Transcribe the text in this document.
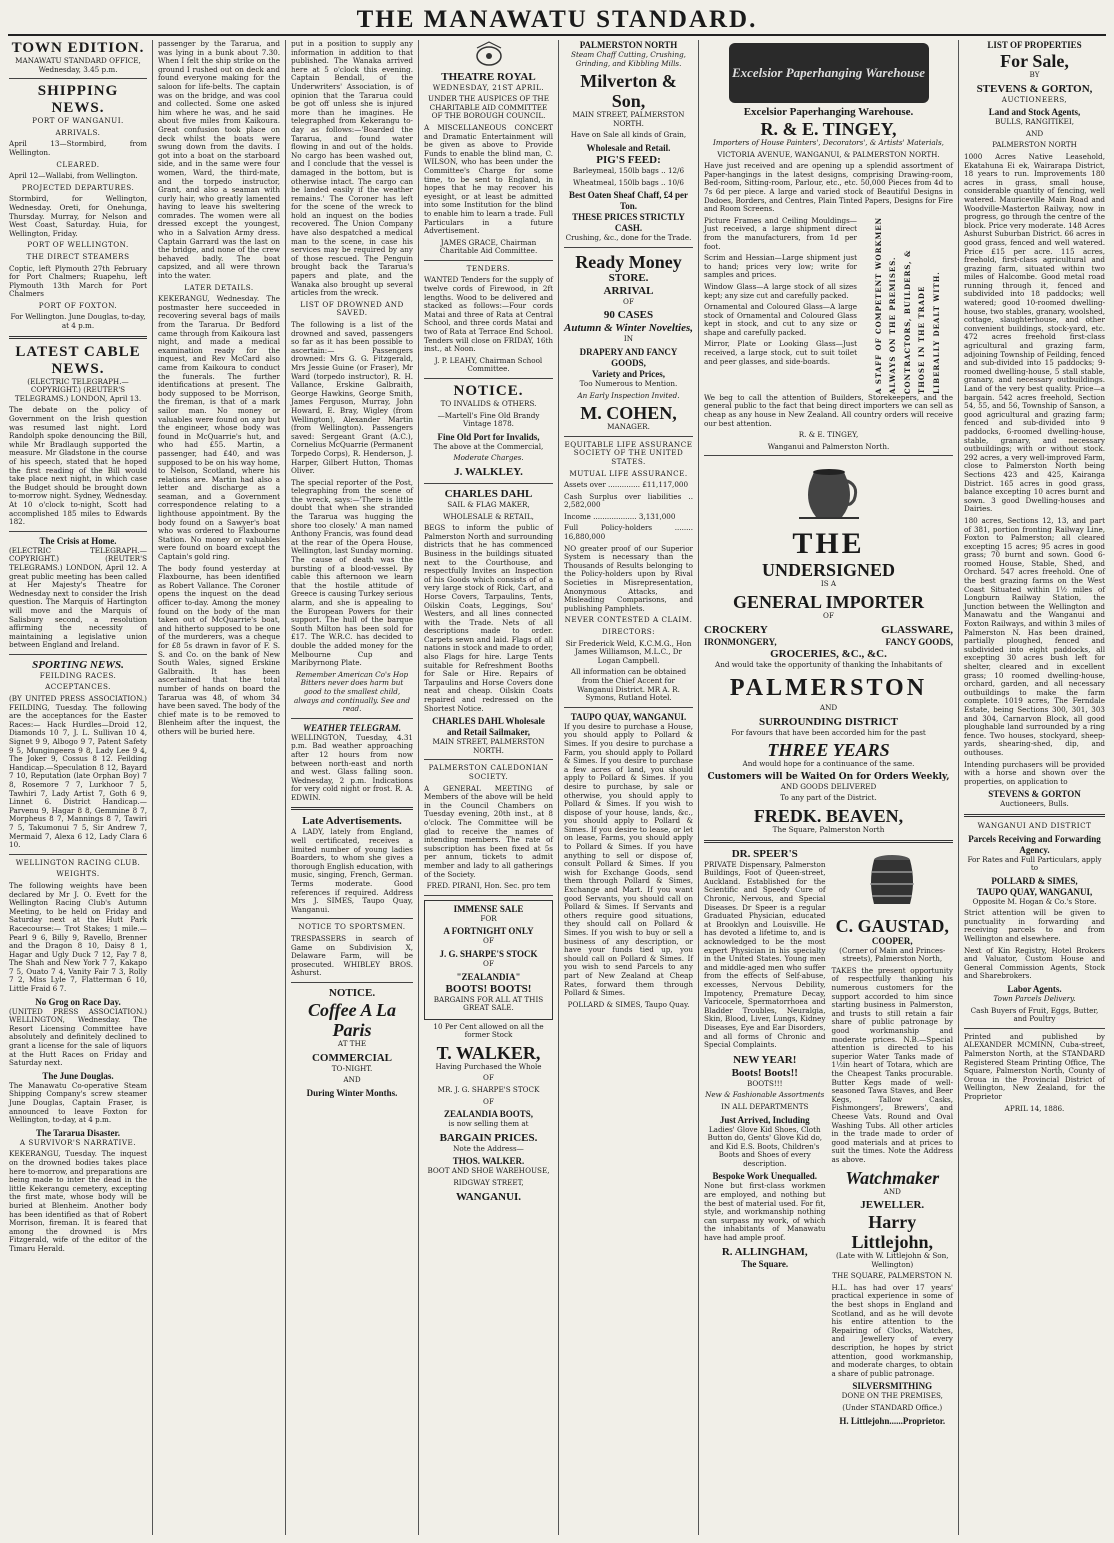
THE MANAWATU STANDARD.
TOWN EDITION.

MANAWATU STANDARD OFFICE, Wednesday, 3.45 p.m.

SHIPPING NEWS.

PORT OF WANGANUI.

ARRIVALS.

April 13—Stormbird, from Wellington.

CLEARED.

April 12—Wallabi, from Wellington.

PROJECTED DEPARTURES.

Stormbird, for Wellington, Wednesday. Oreti, for Onehunga, Thursday. Murray, for Nelson and West Coast, Saturday. Huia, for Wellington, Friday.

PORT OF WELLINGTON.

THE DIRECT STEAMERS

Coptic, left Plymouth 27th February for Port Chalmers; Ruapehu, left Plymouth 13th March for Port Chalmers

PORT OF FOXTON.

For Wellington. June Douglas, to-day, at 4 p.m.

LATEST CABLE NEWS.

(ELECTRIC TELEGRAPH.—COPYRIGHT.) (REUTER'S TELEGRAMS.) LONDON, April 13.

The debate on the policy of Government on the Irish question was resumed last night. Lord Randolph spoke denouncing the Bill, while Mr Bradlaugh supported the measure. Mr Gladstone in the course of his speech, stated that he hoped the first reading of the Bill would take place next night, in which case the Budget should be brought down to-morrow night. Sydney, Wednesday. At 10 o'clock to-night, Scott had accomplished 185 miles to Edwards 182.

The Crisis at Home.

(ELECTRIC TELEGRAPH.—COPYRIGHT.) (REUTER'S TELEGRAMS.) LONDON, April 12. A great public meeting has been called at Her Majesty's Theatre for Wednesday next to consider the Irish question. The Marquis of Hartington will move and the Marquis of Salisbury second, a resolution affirming the necessity of maintaining a legislative union between England and Ireland.

SPORTING NEWS.

FEILDING RACES.

ACCEPTANCES.

(BY UNITED PRESS ASSOCIATION.) FEILDING, Tuesday. The following are the acceptances for the Easter Races:— Hack Hurdles—Droid 12, Diamonds 10 7, J. L. Sullivan 10 4, Signet 9 9, Albogo 9 7, Patent Safety 9 5, Mungingeera 9 8, Lady Lee 9 4, The Joker 9, Cossus 8 12. Feilding Handicap.—Speculation 8 12, Bayard 7 10, Reputation (late Orphan Boy) 7 8, Rosemore 7 7, Lurkhoor 7 5, Tawhiri 7, Lady Artist 7, Goth 6 9, Linnet 6. District Handicap.—Parvenu 9, Hagar 8 8, Gemmine 8 7, Morpheus 8 7, Mannings 8 7, Tawiri 7 5, Takumonui 7 5, Sir Andrew 7, Mermaid 7, Alexa 6 12, Lady Clara 6 10.

WELLINGTON RACING CLUB.

WEIGHTS.

The following weights have been declared by Mr J. O. Evett for the Wellington Racing Club's Autumn Meeting, to be held on Friday and Saturday next at the Hutt Park Racecourse:— Trot Stakes; 1 mile.—Pearl 9 6, Billy 9, Ravello, Brenner and the Dragon 8 10, Daisy 8 1, Hagar and Ugly Duck 7 12, Fay 7 8, The Shah and New York 7 7, Kakapo 7 5, Ouato 7 4, Vanity Fair 7 3, Rolly 7 2, Miss Lyle 7, Flatterman 6 10, Little Fraid 6 7.

No Grog on Race Day.

(UNITED PRESS ASSOCIATION.) WELLINGTON, Wednesday. The Resort Licensing Committee have absolutely and definitely declined to grant a license for the sale of liquors at the Hutt Races on Friday and Saturday next.

The June Douglas.

The Manawatu Co-operative Steam Shipping Company's screw steamer June Douglas, Captain Fraser, is announced to leave Foxton for Wellington, to-day, at 4 p.m.

The Tararua Disaster.

A SURVIVOR'S NARRATIVE.

KEKERANGU, Tuesday. The inquest on the drowned bodies takes place here to-morrow, and preparations are being made to inter the dead in the little Kekerangu cemetery, excepting the first mate, whose body will be buried at Blenheim. Another body has been identified as that of Robert Morrison, fireman. It is feared that among the drowned is Mrs Fitzgerald, wife of the editor of the Timaru Herald.

passenger by the Tararua, and was lying in a bunk about 7.30. When I felt the ship strike on the ground I rushed out on deck and found everyone making for the saloon for life-belts. The captain was on the bridge, and was cool and collected. Some one asked him where he was, and he said about five miles from Kaikoura. Great confusion took place on deck whilst the boats were swung down from the davits. I got into a boat on the starboard side, and in the same were four women, Ward, the third-mate, and the torpedo instructor, Grant, and also a seaman with curly hair, who greatly lamented having to leave his sweltering comrades. The women were all dressed except the youngest, who in a Salvation Army dress. Captain Garrard was the last on the bridge, and none of the crew behaved badly. The boat capsized, and all were thrown into the water.

LATER DETAILS.

KEKERANGU, Wednesday. The postmaster here succeeded in recovering several bags of mails from the Tararua. Dr Bedford came through from Kaikoura last night, and made a medical examination ready for the inquest, and Rev McCard also came from Kaikoura to conduct the funerals. The further identifications at present. The body supposed to be Morrison, the fireman, is that of a mark sailor man. No money or valuables were found on any but the engineer, whose body was found in McQuarrie's hut, and who had £55. Martin, a passenger, had £40, and was supposed to be on his way home, to Nelson, Scotland, where his relations are. Martin had also a letter and discharge as a seaman, and a Government correspondence relating to a lighthouse appointment. By the body found on a Sawyer's boat who was ordered to Flaxbourne Station. No money or valuables were found on board except the Captain's gold ring.

The body found yesterday at Flaxbourne, has been identified as Robert Vallance. The Coroner opens the inquest on the dead officer to-day. Among the money found on the body of the man taken out of McQuarrie's boat, and hitherto supposed to be one of the murderers, was a cheque for £8 5s drawn in favor of F. S. S. and Co. on the bank of New South Wales, signed Erskine Galbraith. It has been ascertained that the total number of hands on board the Tararua was 48, of whom 34 have been saved. The body of the chief mate is to be removed to Blenheim after the inquest, the others will be buried here.

put in a position to supply any information in addition to that published. The Wanaka arrived here at 5 o'clock this evening. Captain Bendall, of the Underwriters' Association, is of opinion that the Tararua could be got off unless she is injured more than he imagines. He telegraphed from Kekerangu to-day as follows:—'Boarded the Tararua, and found water flowing in and out of the holds. No cargo has been washed out, and I conclude that the vessel is damaged in the bottom, but is otherwise intact. The cargo can be landed easily if the weather remains.' The Coroner has left for the scene of the wreck to hold an inquest on the bodies recovered. The Union Company have also despatched a medical man to the scene, in case his services may be required by any of those rescued. The Penguin brought back the Tararua's papers and plate, and the Wanaka also brought up several articles from the wreck.

LIST OF DROWNED AND SAVED.

The following is a list of the drowned and saved, passengers so far as it has been possible to ascertain:— Passengers drowned: Mrs G. G. Fitzgerald, Mrs Jessie Guine (or Fraser), Mr Ward (torpedo instructor), R. H. Vallance, Erskine Galbraith, George Hawkins, George Smith, James Ferguson, Murray, John Howard, E. Bray, Wigley (from Wellington), Alexander Martin (from Wellington). Passengers saved: Sergeant Grant (A.C.), Cornelius McQuarrie (Permanent Torpedo Corps), R. Henderson, J. Harper, Gilbert Hutton, Thomas Oliver.

The special reporter of the Post, telegraphing from the scene of the wreck, says:—'There is little doubt that when she stranded the Tararua was hugging the shore too closely.' A man named Anthony Francis, was found dead at the rear of the Opera House, Wellington, last Sunday morning. The cause of death was the bursting of a blood-vessel. By cable this afternoon we learn that the hostile attitude of Greece is causing Turkey serious alarm, and she is appealing to the European Powers for their support. The hull of the barque South Milton has been sold for £17. The W.R.C. has decided to double the added money for the Melbourne Cup and Maribyrnong Plate.

Remember American Co's Hop Bitters never does harm but good to the smallest child, always and continually. See and read.

WEATHER TELEGRAM.

WELLINGTON, Tuesday, 4.31 p.m. Bad weather approaching after 12 hours from now between north-east and north and west. Glass falling soon. Wednesday, 2 p.m. Indications for very cold night or frost. R. A. EDWIN.

Late Advertisements.

A LADY, lately from England, well certificated, receives a limited number of young ladies Boarders, to whom she gives a thorough English education, with music, singing, French, German. Terms moderate. Good references if required. Address Mrs J. SIMES, Taupo Quay, Wanganui.

NOTICE TO SPORTSMEN.

TRESPASSERS in search of Game on Subdivision X, Delaware Farm, will be prosecuted. WHIBLEY BROS. Ashurst.

NOTICE.
Coffee A La Paris

AT THE

COMMERCIAL

TO-NIGHT.

AND

During Winter Months.
THEATRE ROYAL

WEDNESDAY, 21ST APRIL.

UNDER THE AUSPICES OF THE CHARITABLE AID COMMITTEE OF THE BOROUGH COUNCIL.

A MISCELLANEOUS CONCERT and Dramatic Entertainment will be given as above to Provide Funds to enable the blind man, C. WILSON, who has been under the Committee's Charge for some time, to be sent to England, in hopes that he may recover his eyesight, or at least be admitted into some Institution for the blind to enable him to learn a trade. Full Particulars in a future Advertisement.

JAMES GRACE, Chairman Charitable Aid Committee.

TENDERS.

WANTED Tenders for the supply of twelve cords of Firewood, in 2ft lengths. Wood to be delivered and stacked as follows:—Four cords Matai and three of Rata at Central School, and three cords Matai and two of Rata at Terrace End School. Tenders will close on FRIDAY, 16th inst., at Noon.

J. P. LEAHY, Chairman School Committee.

NOTICE.

TO INVALIDS & OTHERS.

—Martell's Fine Old Brandy Vintage 1878.

Fine Old Port for Invalids,

The above at the Commercial,

Moderate Charges.

J. WALKLEY.
CHARLES DAHL

SAIL & FLAG MAKER,

WHOLESALE & RETAIL,

BEGS to inform the public of Palmerston North and surrounding districts that he has commenced Business in the buildings situated next to the Courthouse, and respectfully Invites an Inspection of his Goods which consists of of a very large stock of Rick, Cart, and Horse Covers, Tarpaulins, Tents, Oilskin Coats, Leggings, Sou' Westers, and all lines connected with the Trade. Nets of all descriptions made to order. Carpets sewn and laid. Flags of all nations in stock and made to order, also Flags for hire. Large Tents suitable for Refreshment Booths for Sale or Hire. Repairs of Tarpaulins and Horse Covers done neat and cheap. Oilskin Coats repaired and redressed on the Shortest Notice.

CHARLES DAHL Wholesale and Retail Sailmaker,

MAIN STREET, PALMERSTON NORTH.

PALMERSTON CALEDONIAN SOCIETY.

A GENERAL MEETING of Members of the above will be held in the Council Chambers on Tuesday evening, 20th inst., at 8 o'clock. The Committee will be glad to receive the names of intending members. The rate of subscription has been fixed at 5s per annum, tickets to admit member and lady to all gatherings of the Society.

FRED. PIRANI, Hon. Sec. pro tem

IMMENSE SALE

FOR

A FORTNIGHT ONLY

OF

J. G. SHARPE'S STOCK

OF

"ZEALANDIA"
BOOTS! BOOTS!

BARGAINS FOR ALL AT THIS GREAT SALE.

10 Per Cent allowed on all the former Stock

T. WALKER,

Having Purchased the Whole

OF

MR. J. G. SHARPE'S STOCK

OF

ZEALANDIA BOOTS,

is now selling them at

BARGAIN PRICES.

Note the Address—

THOS. WALKER.

BOOT AND SHOE WAREHOUSE,

RIDGWAY STREET,

WANGANUI.
PALMERSTON NORTH

Steam Chaff Cutting, Crushing, Grinding, and Kibbling Mills.

Milverton & Son,

MAIN STREET, PALMERSTON NORTH.

Have on Sale all kinds of Grain,

Wholesale and Retail.
PIG'S FEED:

Barleymeal, 150lb bags .. 12/6

Wheatmeal, 150lb bags .. 10/6

Best Oaten Sheaf Chaff, £4 per Ton.
THESE PRICES STRICTLY CASH.

Crushing, &c., done for the Trade.

Ready Money
STORE.
ARRIVAL

OF

90 CASES
Autumn & Winter Novelties,

IN

DRAPERY AND FANCY GOODS,
Variety and Prices,

Too Numerous to Mention.

An Early Inspection Invited.

M. COHEN,

MANAGER.

EQUITABLE LIFE ASSURANCE SOCIETY OF THE UNITED STATES.

MUTUAL LIFE ASSURANCE.

Assets over .............. £11,117,000

Cash Surplus over liabilities .. 2,582,000

Income ................... 3,131,000

Full Policy-holders ........ 16,880,000

NO greater proof of our Superior System is necessary than the Thousands of Results belonging to the Policy-holders upon by Rival Societies in Misrepresentation, Anonymous Attacks, and Misleading Comparisons, and publishing Pamphlets.

NEVER CONTESTED A CLAIM.

DIRECTORS:

Sir Frederick Weld, K.C.M.G., Hon James Williamson, M.L.C., Dr Logan Campbell.

All information can be obtained from the Chief Accent for Wanganui District. MR A. R. Symons, Rutland Hotel.

TAUPO QUAY, WANGANUI.

If you desire to purchase a House, you should apply to Pollard & Simes. If you desire to purchase a Farm, you should apply to Pollard & Simes. If you desire to purchase a few acres of land, you should apply to Pollard & Simes. If you desire to purchase, by sale or otherwise, you should apply to Pollard & Simes. If you wish to dispose of your house, lands, &c., you should apply to Pollard & Simes. If you desire to lease, or let on lease, Farms, you should apply to Pollard & Simes. If you have anything to sell or dispose of, consult Pollard & Simes. If you wish for Exchange Goods, send them through Pollard & Simes, Exchange and Mart. If you want good Servants, you should call on Pollard & Simes. If Servants and others require good situations, they should call on Pollard & Simes. If you wish to buy or sell a business of any description, or have your funds tied up, you should call on Pollard & Simes. If you wish to send Parcels to any part of New Zealand at Cheap Rates, forward them through Pollard & Simes.

POLLARD & SIMES, Taupo Quay.

Excelsior Paperhanging Warehouse
Excelsior Paperhanging Warehouse.
R. & E. TINGEY,

Importers of House Painters', Decorators', & Artists' Materials,

VICTORIA AVENUE, WANGANUI, & PALMERSTON NORTH.

Have just received and are opening up a splendid assortment of Paper-hangings in the latest designs, comprising Drawing-room, Bed-room, Sitting-room, Parlour, etc., etc. 50,000 Pieces from 4d to 7s 6d per piece. A large and varied stock of Beautiful Designs in Dadoes, Borders, and Centres, Plain Tinted Papers, Designs for Fire and Room Screens.

Picture Frames and Ceiling Mouldings—Just received, a large shipment direct from the manufacturers, from 1d per foot.

Scrim and Hessian—Large shipment just to hand; prices very low; write for samples and prices.

Window Glass—A large stock of all sizes kept; any size cut and carefully packed.

Ornamental and Coloured Glass—A large stock of Ornamental and Coloured Glass kept in stock, and cut to any size or shape and carefully packed.

Mirror, Plate or Looking Glass—Just received, a large stock, cut to suit toilet and peer glasses, and side-boards.	A STAFF OF COMPETENT WORKMEN ALWAYS ON THE PREMISES. CONTRACTORS, BUILDERS, & THOSE IN THE TRADE LIBERALLY DEALT WITH.

We beg to call the attention of Builders, Storekeepers, and the general public to the fact that being direct importers we can sell as cheap as any house in New Zealand. All country orders will receive our best attention.

R. & E. TINGEY,

Wanganui and Palmerston North.

THE
UNDERSIGNED

IS A

GENERAL IMPORTER

OF

CROCKERY	GLASSWARE,
IRONMONGERY,	FANCY GOODS,
GROCERIES, &C., &C.

And would take the opportunity of thanking the Inhabitants of

PALMERSTON

AND

SURROUNDING DISTRICT

For favours that have been accorded him for the past

THREE YEARS

And would hope for a continuance of the same.

Customers will be Waited On for Orders Weekly,

AND GOODS DELIVERED

To any part of the District.

FREDK. BEAVEN,

The Square, Palmerston North

DR. SPEER'S

PRIVATE Dispensary, Palmerston Buildings, Foot of Queen-street, Auckland. Established for the Scientific and Speedy Cure of Chronic, Nervous, and Special Diseases. Dr Speer is a regular Graduated Physician, educated at Brooklyn and Louisville. He has devoted a lifetime to, and is acknowledged to be the most expert Physician in his specialty in the United States. Young men and middle-aged men who suffer from the effects of Self-abuse, excesses, Nervous Debility, Impotency, Premature Decay, Varicocele, Spermatorrhoea and Bladder Troubles, Neuralgia, Skin, Blood, Liver, Lungs, Kidney Diseases, Eye and Ear Disorders, and all forms of Chronic and Special Complaints.

NEW YEAR!
Boots! Boots!!

BOOTS!!!

New & Fashionable Assortments

IN ALL DEPARTMENTS

Just Arrived, Including

Ladies' Glove Kid Shoes, Cloth Button do, Gents' Glove Kid do, and Kid E.S. Boots, Children's Boots and Shoes of every description.

Bespoke Work Unequalled.

None but first-class workmen are employed, and nothing but the best of material used. For fit, style, and workmanship nothing can surpass my work, of which the inhabitants of Manawatu have had ample proof.

R. ALLINGHAM,
The Square.
C. GAUSTAD,
COOPER,

(Corner of Main and Princes-streets), Palmerston North,

TAKES the present opportunity of respectfully thanking his numerous customers for the support accorded to him since starting business in Palmerston, and trusts to still retain a fair share of public patronage by good workmanship and moderate prices. N.B.—Special attention is directed to his superior Water Tanks made of 1½in heart of Totara, which are the Cheapest Tanks procurable. Butter Kegs made of well-seasoned Tawa Staves, and Beer Kegs, Tallow Casks, Fishmongers', Brewers', and Cheese Vats. Round and Oval Washing Tubs. All other articles in the trade made to order of good materials and at prices to suit the times. Note the Address as above.

Watchmaker

AND

JEWELLER.
Harry Littlejohn,

(Late with W. Littlejohn & Son, Wellington)

THE SQUARE, PALMERSTON N.

H.L. has had over 17 years' practical experience in some of the best shops in England and Scotland, and as he will devote his entire attention to the Repairing of Clocks, Watches, and Jewellery of every description, he hopes by strict attention, good workmanship, and moderate charges, to obtain a share of public patronage.

SILVERSMITHING

DONE ON THE PREMISES,

(Under STANDARD Office.)

H. Littlejohn......Proprietor.
LIST OF PROPERTIES
For Sale,

BY

STEVENS & GORTON,

AUCTIONEERS,

Land and Stock Agents,

BULLS, RANGITIKEI,

AND

PALMERSTON NORTH

1000 Acres Native Leasehold, Ekatahuna Ei ek, Wairarapa District, 18 years to run. Improvements 180 acres in grass, small house, considerable quantity of fencing, well watered. Mauriceville Main Road and Woodville-Masterton Railway, now in progress, go through the centre of the block. Price very moderate. 148 Acres Ashurst Suburban District. 66 acres in good grass, fenced and well watered. Price £15 per acre. 115 acres, freehold, first-class agricultural and grazing farm, situated within two miles of Halcombe. Good metal road running through it, fenced and subdivided into 18 paddocks; well watered; good 10-roomed dwelling-house, two stables, granary, woolshed, cottage, slaughterhouse, and other convenient buildings, stock-yard, etc. 472 acres freehold first-class agricultural and grazing farm, adjoining Township of Feilding, fenced and sub-divided into 15 paddocks; 9-roomed dwelling-house, 5 stall stable, granary, and necessary outbuildings. Land of the very best quality. Price—a bargain. 542 acres freehold, Section 54, 55, and 56, Township of Sanson, a good agricultural and grazing farm; fenced and sub-divided into 9 paddocks, 6-roomed dwelling-house, stable, granary, and necessary outbuildings; with or without stock. 292 acres, a very well-improved Farm, close to Palmerston North being Sections 423 and 425, Kairanga District. 165 acres in good grass, balance excepting 10 acres burnt and sown. 3 good Dwelling-houses and Dairies.

180 acres, Sections 12, 13, and part of 381, portion fronting Railway Line, Foxton to Palmerston; all cleared excepting 15 acres; 95 acres in good grass; 70 burnt and sown. Good 6-roomed House, Stable, Shed, and Orchard. 547 acres freehold. One of the best grazing farms on the West Coast Situated within 1½ miles of Longburn Railway Station, the Junction between the Wellington and Manawatu and the Wanganui and Foxton Railways, and within 3 miles of Palmerston N. Has been drained, partially ploughed, fenced and subdivided into eight paddocks, all excepting 30 acres bush left for shelter, cleared and in excellent grass; 10 roomed dwelling-house, orchard, garden, and all necessary outbuildings to make the farm complete. 1019 acres, The Ferndale Estate, being Sections 300, 301, 303 and 304, Carnarvon Block, all good ploughable land surrounded by a ring fence. Two houses, stockyard, sheep-yards, shearing-shed, dip, and outhouses.

Intending purchasers will be provided with a horse and shown over the properties, on application to

STEVENS & GORTON

Auctioneers, Bulls.

WANGANUI AND DISTRICT

Parcels Receiving and Forwarding Agency.

For Rates and Full Particulars, apply to

POLLARD & SIMES,
TAUPO QUAY, WANGANUI,

Opposite M. Hogan & Co.'s Store.

Strict attention will be given to punctuality in forwarding and receiving parcels to and from Wellington and elsewhere.

Next of Kin Registry, Hotel Brokers and Valuator, Custom House and General Commission Agents, Stock and Sharebrokers.

Labor Agents.

Town Parcels Delivery.

Cash Buyers of Fruit, Eggs, Butter, and Poultry

Printed and published by ALEXANDER MCMINN, Cuba-street, Palmerston North, at the STANDARD Registered Steam Printing Office, The Square, Palmerston North, County of Oroua in the Provincial District of Wellington, New Zealand, for the Proprietor

APRIL 14, 1886.
